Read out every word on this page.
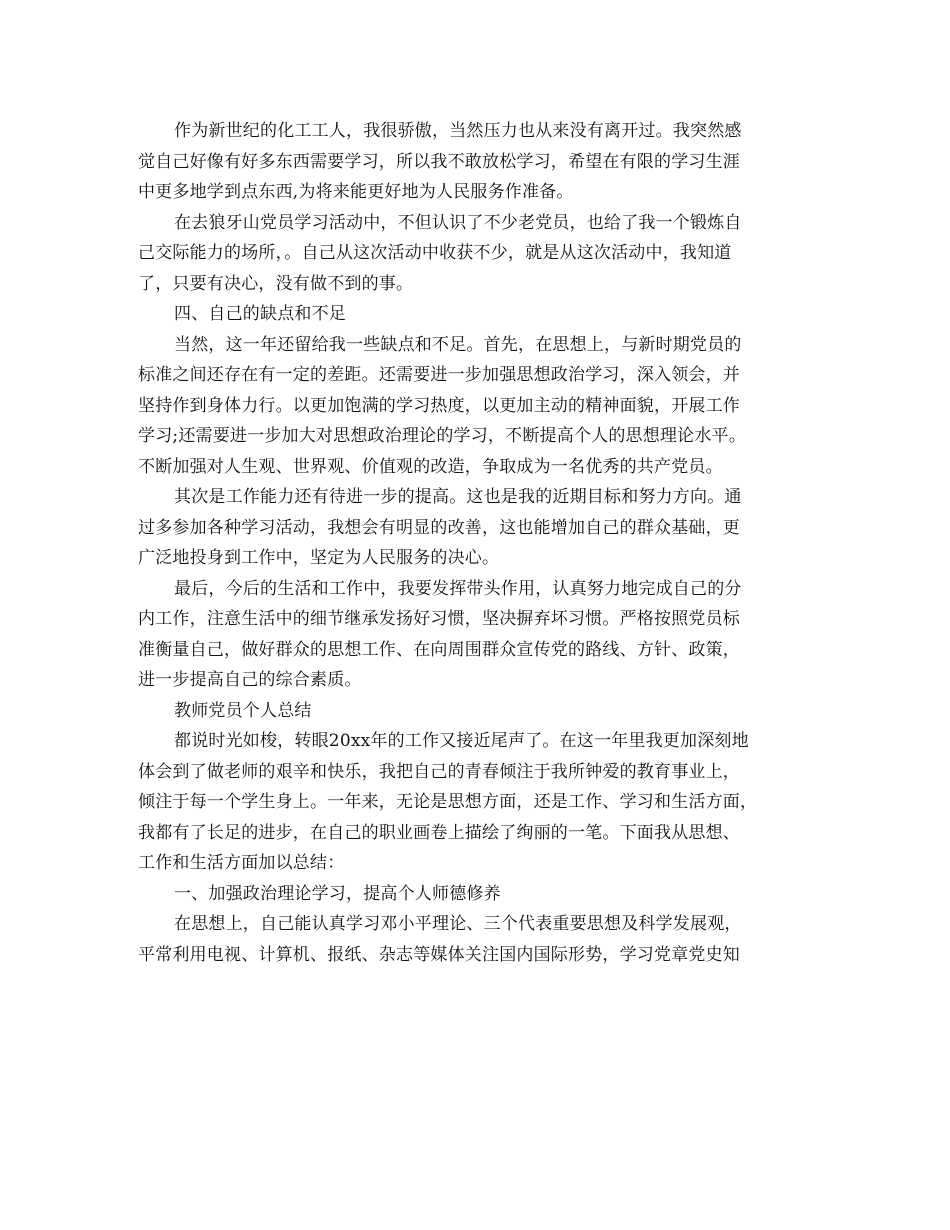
作为新世纪的化工工人，我很骄傲，当然压力也从来没有离开过。我突然感
觉自己好像有好多东西需要学习，所以我不敢放松学习，希望在有限的学习生涯
中更多地学到点东西,为将来能更好地为人民服务作准备。

在去狼牙山党员学习活动中，不但认识了不少老党员，也给了我一个锻炼自
己交际能力的场所，。自己从这次活动中收获不少，就是从这次活动中，我知道
了，只要有决心，没有做不到的事。

四、自己的缺点和不足

当然，这一年还留给我一些缺点和不足。首先，在思想上，与新时期党员的
标准之间还存在有一定的差距。还需要进一步加强思想政治学习，深入领会，并
坚持作到身体力行。以更加饱满的学习热度，以更加主动的精神面貌，开展工作
学习;还需要进一步加大对思想政治理论的学习，不断提高个人的思想理论水平。
不断加强对人生观、世界观、价值观的改造，争取成为一名优秀的共产党员。

其次是工作能力还有待进一步的提高。这也是我的近期目标和努力方向。通
过多参加各种学习活动，我想会有明显的改善，这也能增加自己的群众基础，更
广泛地投身到工作中，坚定为人民服务的决心。

最后，今后的生活和工作中，我要发挥带头作用，认真努力地完成自己的分
内工作，注意生活中的细节继承发扬好习惯，坚决摒弃坏习惯。严格按照党员标
准衡量自己，做好群众的思想工作、在向周围群众宣传党的路线、方针、政策，
进一步提高自己的综合素质。

教师党员个人总结

都说时光如梭，转眼20xx年的工作又接近尾声了。在这一年里我更加深刻地
体会到了做老师的艰辛和快乐，我把自己的青春倾注于我所钟爱的教育事业上，
倾注于每一个学生身上。一年来，无论是思想方面，还是工作、学习和生活方面，
我都有了长足的进步，在自己的职业画卷上描绘了绚丽的一笔。下面我从思想、
工作和生活方面加以总结：

一、加强政治理论学习，提高个人师德修养

在思想上，自己能认真学习邓小平理论、三个代表重要思想及科学发展观，
平常利用电视、计算机、报纸、杂志等媒体关注国内国际形势，学习党章党史知
